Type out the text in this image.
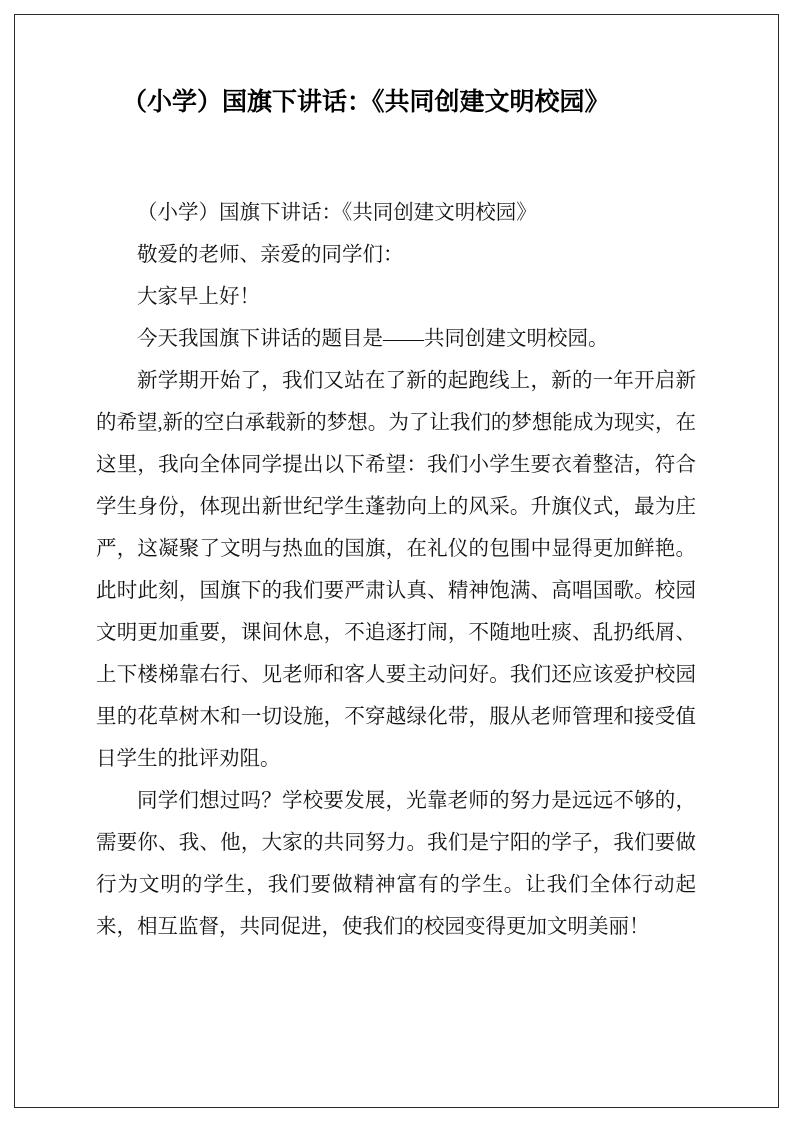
（小学）国旗下讲话：《共同创建文明校园》

（小学）国旗下讲话：《共同创建文明校园》

敬爱的老师、亲爱的同学们：

大家早上好！

今天我国旗下讲话的题目是——共同创建文明校园。

新学期开始了，我们又站在了新的起跑线上，新的一年开启新的希望,新的空白承载新的梦想。为了让我们的梦想能成为现实，在这里，我向全体同学提出以下希望：我们小学生要衣着整洁，符合学生身份，体现出新世纪学生蓬勃向上的风采。升旗仪式，最为庄严，这凝聚了文明与热血的国旗，在礼仪的包围中显得更加鲜艳。此时此刻，国旗下的我们要严肃认真、精神饱满、高唱国歌。校园文明更加重要，课间休息，不追逐打闹，不随地吐痰、乱扔纸屑、上下楼梯靠右行、见老师和客人要主动问好。我们还应该爱护校园里的花草树木和一切设施，不穿越绿化带，服从老师管理和接受值日学生的批评劝阻。

同学们想过吗？学校要发展，光靠老师的努力是远远不够的，需要你、我、他，大家的共同努力。我们是宁阳的学子，我们要做行为文明的学生，我们要做精神富有的学生。让我们全体行动起来，相互监督，共同促进，使我们的校园变得更加文明美丽！
